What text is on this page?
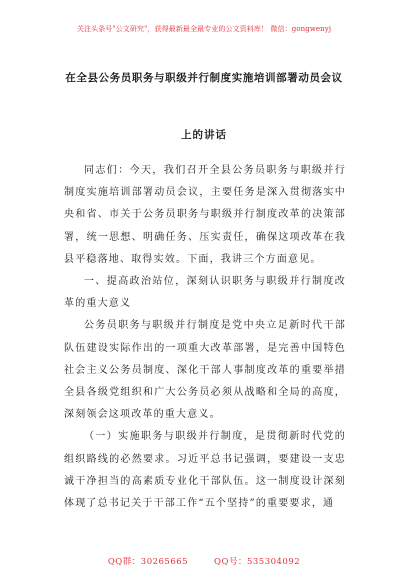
关注头条号"公文研究"，获得最新最全最专业的公文资料库！ 微信：gongwenyj
在全县公务员职务与职级并行制度实施培训部署动员会议
上的讲话

同志们：今天，我们召开全县公务员职务与职级并行制度实施培训部署动员会议，主要任务是深入贯彻落实中央和省、市关于公务员职务与职级并行制度改革的决策部署，统一思想、明确任务、压实责任，确保这项改革在我县平稳落地、取得实效。下面，我讲三个方面意见。

一、提高政治站位，深刻认识职务与职级并行制度改革的重大意义

公务员职务与职级并行制度是党中央立足新时代干部队伍建设实际作出的一项重大改革部署，是完善中国特色社会主义公务员制度、深化干部人事制度改革的重要举措全县各级党组织和广大公务员必须从战略和全局的高度，深刻领会这项改革的重大意义。

（一）实施职务与职级并行制度，是贯彻新时代党的组织路线的必然要求。习近平总书记强调，要建设一支忠诚干净担当的高素质专业化干部队伍。这一制度设计深刻体现了总书记关于干部工作“五个坚持”的重要要求，通

QQ群：30265665	QQ号：535304092
